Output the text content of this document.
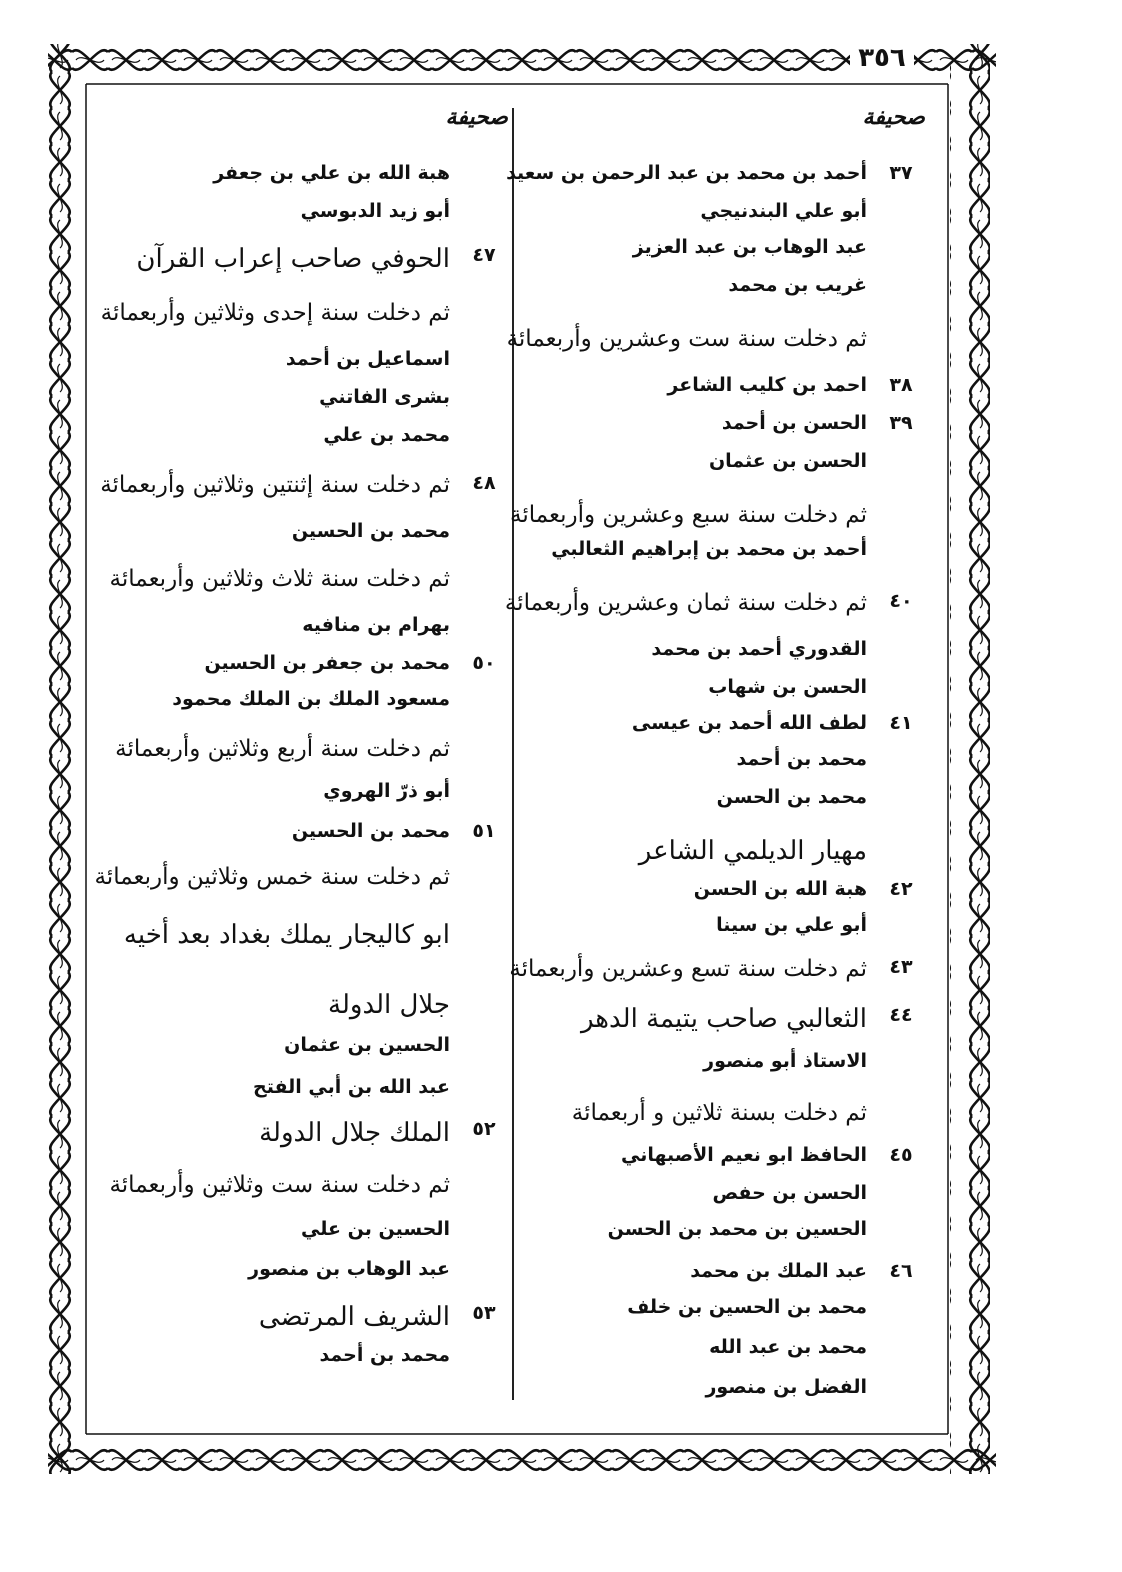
٣٥٦
صحيفة
٣٧
أحمد بن محمد بن عبد الرحمن بن سعيد
أبو علي البندنيجي
عبد الوهاب بن عبد العزيز
غريب بن محمد
ثم دخلت سنة ست وعشرين وأربعمائة
٣٨
احمد بن كليب الشاعر
٣٩
الحسن بن أحمد
الحسن بن عثمان
ثم دخلت سنة سبع وعشرين وأربعمائة
أحمد بن محمد بن إبراهيم الثعالبي
٤٠
ثم دخلت سنة ثمان وعشرين وأربعمائة
القدوري أحمد بن محمد
الحسن بن شهاب
٤١
لطف الله أحمد بن عيسى
محمد بن أحمد
محمد بن الحسن
مهيار الديلمي الشاعر
٤٢
هبة الله بن الحسن
أبو علي بن سينا
٤٣
ثم دخلت سنة تسع وعشرين وأربعمائة
٤٤
الثعالبي صاحب يتيمة الدهر
الاستاذ أبو منصور
ثم دخلت بسنة ثلاثين و أربعمائة
٤٥
الحافظ ابو نعيم الأصبهاني
الحسن بن حفص
الحسين بن محمد بن الحسن
٤٦
عبد الملك بن محمد
محمد بن الحسين بن خلف
محمد بن عبد الله
الفضل بن منصور
صحيفة
هبة الله بن علي بن جعفر
أبو زيد الدبوسي
٤٧
الحوفي صاحب إعراب القرآن
ثم دخلت سنة إحدى وثلاثين وأربعمائة
اسماعيل بن أحمد
بشرى الفاتني
محمد بن علي
٤٨
ثم دخلت سنة إثنتين وثلاثين وأربعمائة
محمد بن الحسين
ثم دخلت سنة ثلاث وثلاثين وأربعمائة
بهرام بن منافيه
٥٠
محمد بن جعفر بن الحسين
مسعود الملك بن الملك محمود
ثم دخلت سنة أربع وثلاثين وأربعمائة
أبو ذرّ الهروي
٥١
محمد بن الحسين
ثم دخلت سنة خمس وثلاثين وأربعمائة
ابو كاليجار يملك بغداد بعد أخيه
جلال الدولة
الحسين بن عثمان
عبد الله بن أبي الفتح
٥٢
الملك جلال الدولة
ثم دخلت سنة ست وثلاثين وأربعمائة
الحسين بن علي
عبد الوهاب بن منصور
٥٣
الشريف المرتضى
محمد بن أحمد
